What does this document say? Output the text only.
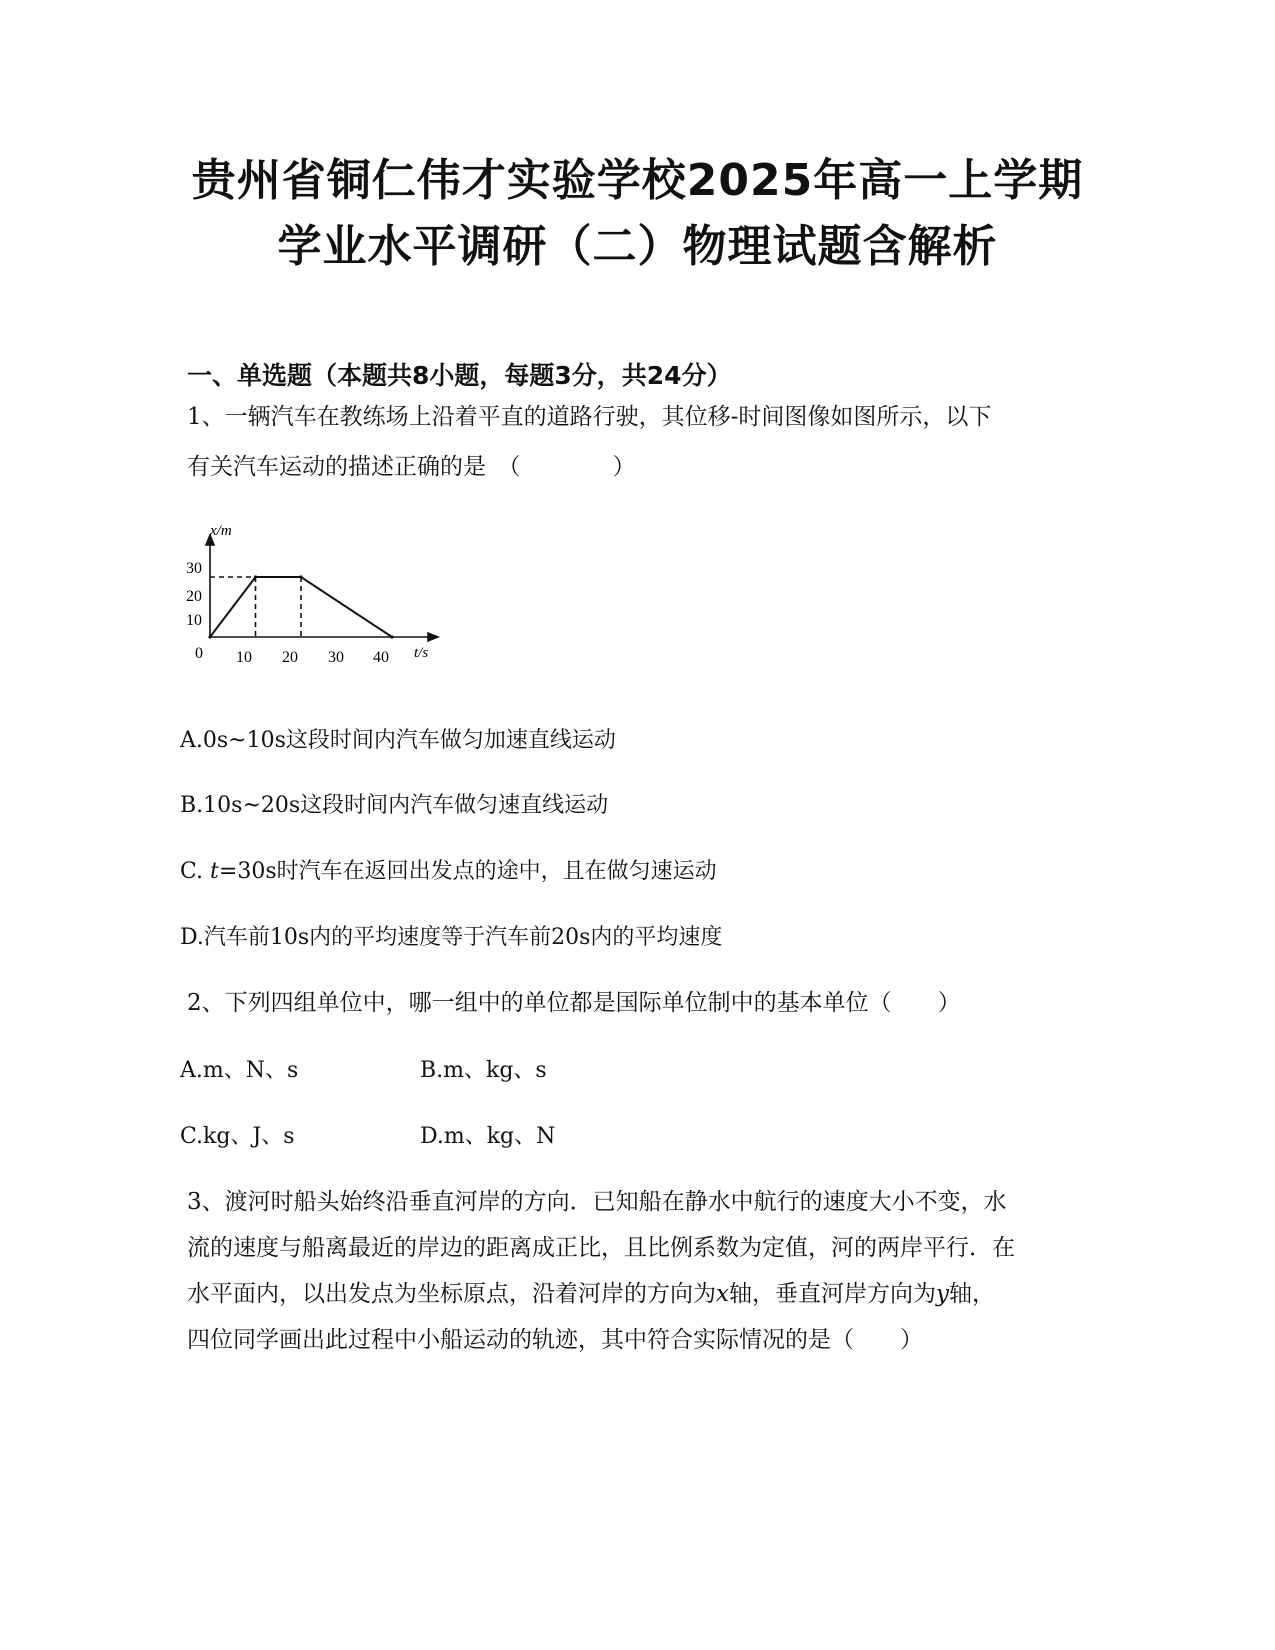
贵州省铜仁伟才实验学校2025年高一上学期
学业水平调研（二）物理试题含解析
一、单选题（本题共8小题，每题3分，共24分）
1、一辆汽车在教练场上沿着平直的道路行驶，其位移-时间图像如图所示，以下
有关汽车运动的描述正确的是　（　　　　）
x/m
t/s
0
10
20
30
10 20 30 40
A.0s~10s这段时间内汽车做匀加速直线运动
B.10s~20s这段时间内汽车做匀速直线运动
C. t=30s时汽车在返回出发点的途中，且在做匀速运动
D.汽车前10s内的平均速度等于汽车前20s内的平均速度
2、下列四组单位中，哪一组中的单位都是国际单位制中的基本单位（　　）
A.m、N、s	B.m、kg、s
C.kg、J、s	D.m、kg、N
3、渡河时船头始终沿垂直河岸的方向．已知船在静水中航行的速度大小不变，水
流的速度与船离最近的岸边的距离成正比，且比例系数为定值，河的两岸平行．在
水平面内，以出发点为坐标原点，沿着河岸的方向为x轴，垂直河岸方向为y轴，
四位同学画出此过程中小船运动的轨迹，其中符合实际情况的是（　　）
